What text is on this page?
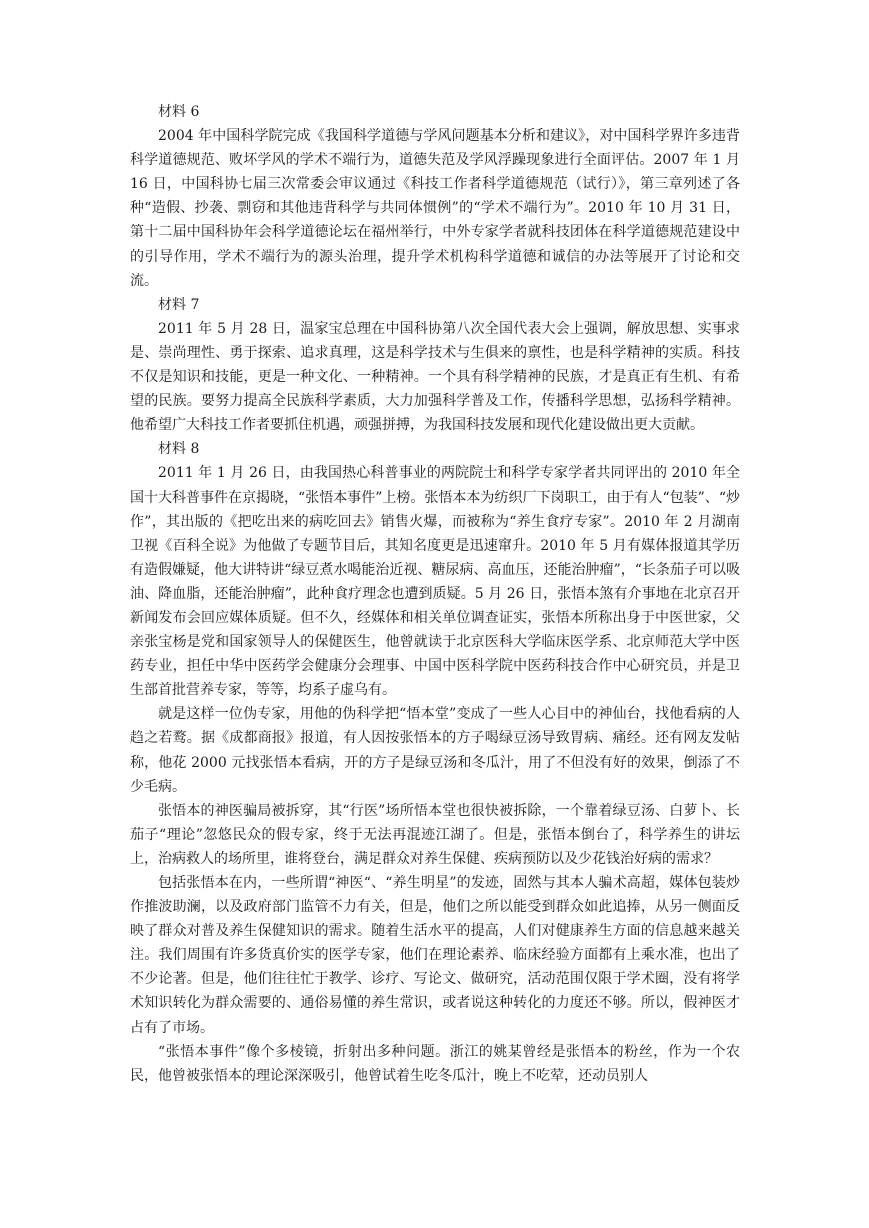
材料 6

2004 年中国科学院完成《我国科学道德与学风问题基本分析和建议》，对中国科学界许多违背科学道德规范、败坏学风的学术不端行为，道德失范及学风浮躁现象进行全面评估。2007 年 1 月 16 日，中国科协七届三次常委会审议通过《科技工作者科学道德规范（试行）》，第三章列述了各种“造假、抄袭、剽窃和其他违背科学与共同体惯例”的“学术不端行为”。2010 年 10 月 31 日，第十二届中国科协年会科学道德论坛在福州举行，中外专家学者就科技团体在科学道德规范建设中的引导作用，学术不端行为的源头治理，提升学术机构科学道德和诚信的办法等展开了讨论和交流。

材料 7

2011 年 5 月 28 日，温家宝总理在中国科协第八次全国代表大会上强调，解放思想、实事求是、崇尚理性、勇于探索、追求真理，这是科学技术与生俱来的禀性，也是科学精神的实质。科技不仅是知识和技能，更是一种文化、一种精神。一个具有科学精神的民族，才是真正有生机、有希望的民族。要努力提高全民族科学素质，大力加强科学普及工作，传播科学思想，弘扬科学精神。他希望广大科技工作者要抓住机遇，顽强拼搏，为我国科技发展和现代化建设做出更大贡献。

材料 8

2011 年 1 月 26 日，由我国热心科普事业的两院院士和科学专家学者共同评出的 2010 年全国十大科普事件在京揭晓，“张悟本事件”上榜。张悟本本为纺织厂下岗职工，由于有人“包装”、“炒作”，其出版的《把吃出来的病吃回去》销售火爆，而被称为“养生食疗专家”。2010 年 2 月湖南卫视《百科全说》为他做了专题节目后，其知名度更是迅速窜升。2010 年 5 月有媒体报道其学历有造假嫌疑，他大讲特讲“绿豆煮水喝能治近视、糖尿病、高血压，还能治肿瘤”，“长条茄子可以吸油、降血脂，还能治肿瘤”，此种食疗理念也遭到质疑。5 月 26 日，张悟本煞有介事地在北京召开新闻发布会回应媒体质疑。但不久，经媒体和相关单位调查证实，张悟本所称出身于中医世家，父亲张宝杨是党和国家领导人的保健医生，他曾就读于北京医科大学临床医学系、北京师范大学中医药专业，担任中华中医药学会健康分会理事、中国中医科学院中医药科技合作中心研究员，并是卫生部首批营养专家，等等，均系子虚乌有。

就是这样一位伪专家，用他的伪科学把“悟本堂”变成了一些人心目中的神仙台，找他看病的人趋之若鹜。据《成都商报》报道，有人因按张悟本的方子喝绿豆汤导致胃病、痛经。还有网友发帖称，他花 2000 元找张悟本看病，开的方子是绿豆汤和冬瓜汁，用了不但没有好的效果，倒添了不少毛病。

张悟本的神医骗局被拆穿，其“行医”场所悟本堂也很快被拆除，一个靠着绿豆汤、白萝卜、长茄子“理论”忽悠民众的假专家，终于无法再混迹江湖了。但是，张悟本倒台了，科学养生的讲坛上，治病救人的场所里，谁将登台，满足群众对养生保健、疾病预防以及少花钱治好病的需求？

包括张悟本在内，一些所谓“神医“、“养生明星”的发迹，固然与其本人骗术高超，媒体包装炒作推波助澜，以及政府部门监管不力有关，但是，他们之所以能受到群众如此追捧，从另一侧面反映了群众对普及养生保健知识的需求。随着生活水平的提高，人们对健康养生方面的信息越来越关注。我们周围有许多货真价实的医学专家，他们在理论素养、临床经验方面都有上乘水准，也出了不少论著。但是，他们往往忙于教学、诊疗、写论文、做研究，活动范围仅限于学术圈，没有将学术知识转化为群众需要的、通俗易懂的养生常识，或者说这种转化的力度还不够。所以，假神医才占有了市场。

“张悟本事件”像个多棱镜，折射出多种问题。浙江的姚某曾经是张悟本的粉丝，作为一个农民，他曾被张悟本的理论深深吸引，他曾试着生吃冬瓜汁，晚上不吃荤，还动员别人
